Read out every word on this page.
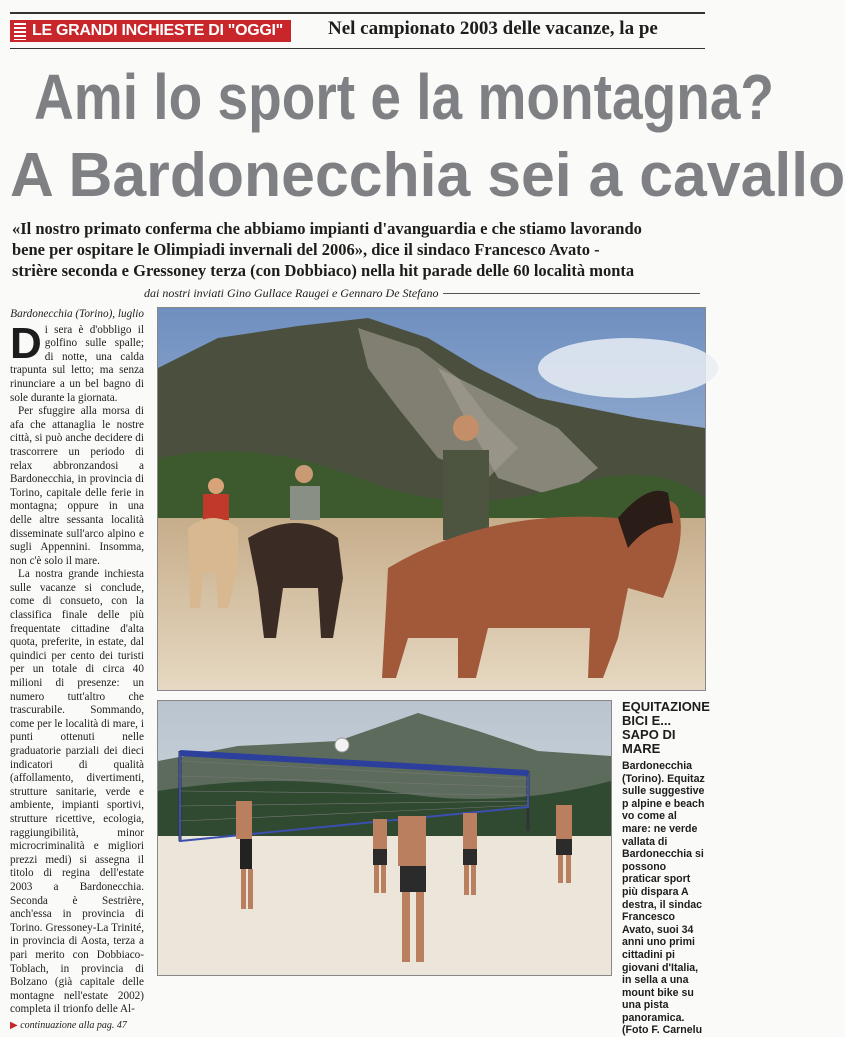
LE GRANDI INCHIESTE DI "OGGI"	Nel campionato 2003 delle vacanze, la pe
Ami lo sport e la montagna?
A Bardonecchia sei a cavallo
«Il nostro primato conferma che abbiamo impianti d'avanguardia e che stiamo lavorando
bene per ospitare le Olimpiadi invernali del 2006», dice il sindaco Francesco Avato -
strière seconda e Gressoney terza (con Dobbiaco) nella hit parade delle 60 località monta
dai nostri inviati Gino Gullace Raugei e Gennaro De Stefano
Bardonecchia (Torino), luglio

Di sera è d'obbligo il golfino sulle spalle; di notte, una calda trapunta sul letto; ma senza rinunciare a un bel bagno di sole durante la giornata.

Per sfuggire alla morsa di afa che attanaglia le nostre città, si può anche decidere di trascorrere un periodo di relax abbronzandosi a Bardonecchia, in provincia di Torino, capitale delle ferie in montagna; oppure in una delle altre sessanta località disseminate sull'arco alpino e sugli Appennini. Insomma, non c'è solo il mare.

La nostra grande inchiesta sulle vacanze si conclude, come di consueto, con la classifica finale delle più frequentate cittadine d'alta quota, preferite, in estate, dal quindici per cento dei turisti per un totale di circa 40 milioni di presenze: un numero tutt'altro che trascurabile. Sommando, come per le località di mare, i punti ottenuti nelle graduatorie parziali dei dieci indicatori di qualità (affollamento, divertimenti, strutture sanitarie, verde e ambiente, impianti sportivi, strutture ricettive, ecologia, raggiungibilità, minor microcriminalità e migliori prezzi medi) si assegna il titolo di regina dell'estate 2003 a Bardonecchia. Seconda è Sestrière, anch'essa in provincia di Torino. Gressoney-La Trinité, in provincia di Aosta, terza a pari merito con Dobbiaco-Toblach, in provincia di Bolzano (già capitale delle montagne nell'estate 2002) completa il trionfo delle Al-

▶ continuazione alla pag. 47
EQUITAZIONE BICI E... SAPO DI MARE
Bardonecchia (Torino). Equitaz sulle suggestive p alpine e beach vo come al mare: ne verde vallata di Bardonecchia si possono praticar sport più dispara A destra, il sindac Francesco Avato, suoi 34 anni uno primi cittadini pi giovani d'Italia, in sella a una mount bike su una pista panoramica. (Foto F. Carnelu
